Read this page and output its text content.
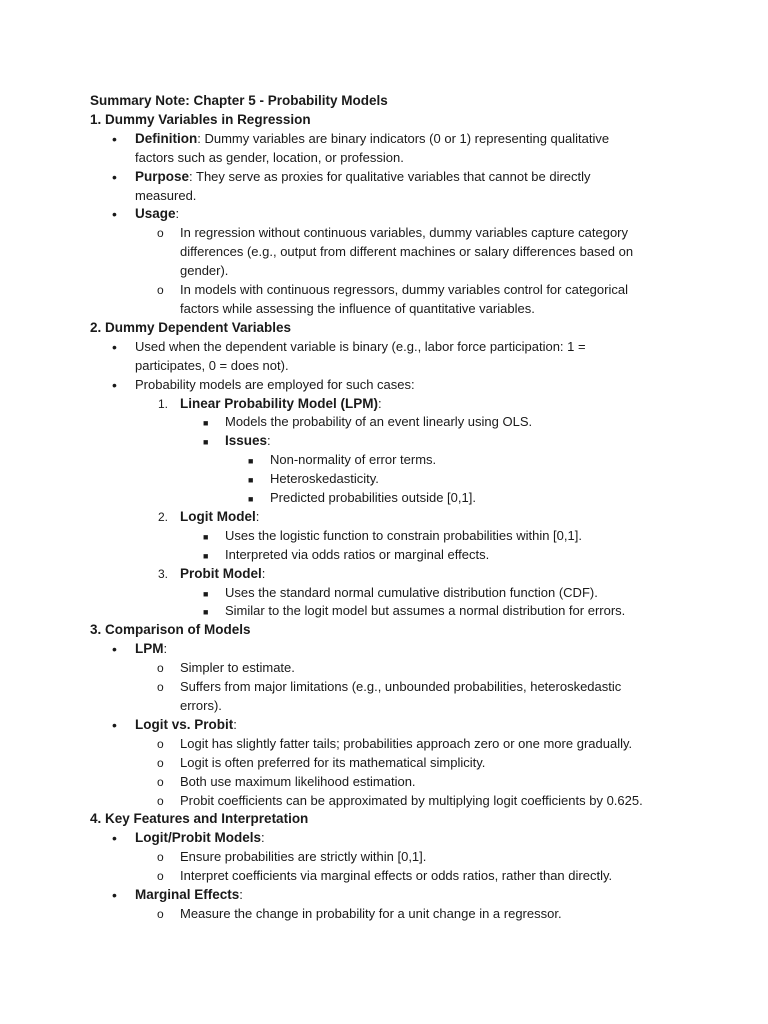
Summary Note: Chapter 5 - Probability Models
1. Dummy Variables in Regression
• Definition: Dummy variables are binary indicators (0 or 1) representing qualitative
factors such as gender, location, or profession.
• Purpose: They serve as proxies for qualitative variables that cannot be directly
measured.
• Usage:
o In regression without continuous variables, dummy variables capture category
differences (e.g., output from different machines or salary differences based on
gender).
o In models with continuous regressors, dummy variables control for categorical
factors while assessing the influence of quantitative variables.
2. Dummy Dependent Variables
• Used when the dependent variable is binary (e.g., labor force participation: 1 =
participates, 0 = does not).
• Probability models are employed for such cases:
1. Linear Probability Model (LPM):
■ Models the probability of an event linearly using OLS.
■ Issues:
■ Non-normality of error terms.
■ Heteroskedasticity.
■ Predicted probabilities outside [0,1].
2. Logit Model:
■ Uses the logistic function to constrain probabilities within [0,1].
■ Interpreted via odds ratios or marginal effects.
3. Probit Model:
■ Uses the standard normal cumulative distribution function (CDF).
■ Similar to the logit model but assumes a normal distribution for errors.
3. Comparison of Models
• LPM:
o Simpler to estimate.
o Suffers from major limitations (e.g., unbounded probabilities, heteroskedastic
errors).
• Logit vs. Probit:
o Logit has slightly fatter tails; probabilities approach zero or one more gradually.
o Logit is often preferred for its mathematical simplicity.
o Both use maximum likelihood estimation.
o Probit coefficients can be approximated by multiplying logit coefficients by 0.625.
4. Key Features and Interpretation
• Logit/Probit Models:
o Ensure probabilities are strictly within [0,1].
o Interpret coefficients via marginal effects or odds ratios, rather than directly.
• Marginal Effects:
o Measure the change in probability for a unit change in a regressor.
